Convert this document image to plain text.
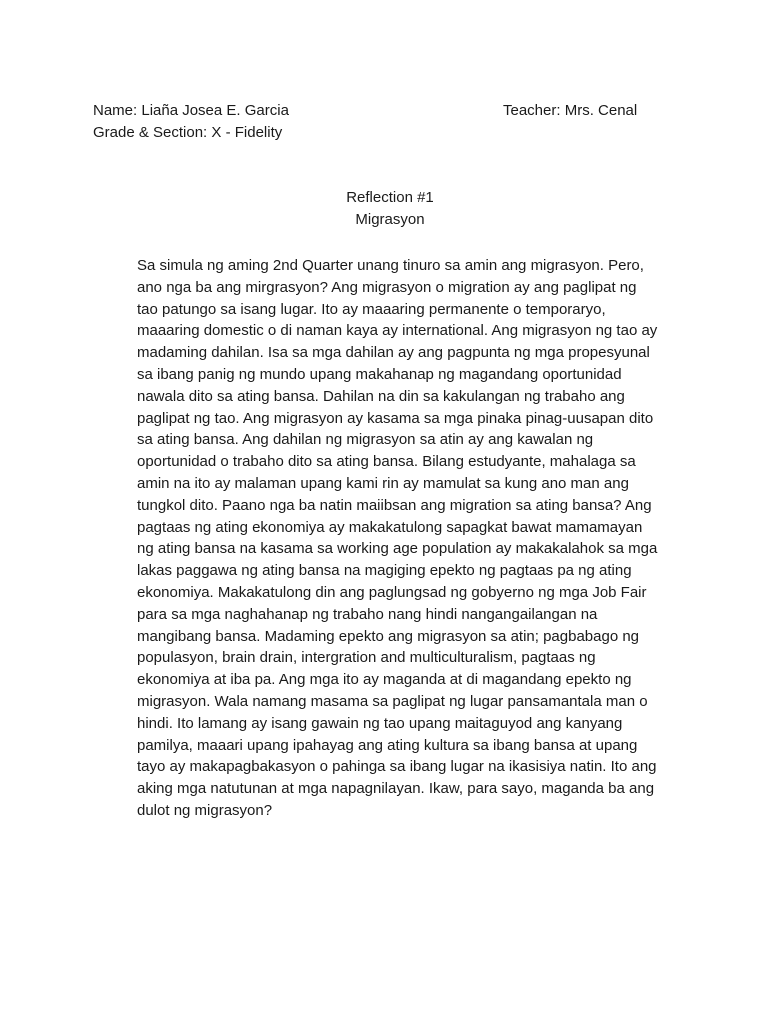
Name: Liaña Josea E. Garcia	Teacher: Mrs. Cenal
Grade & Section: X - Fidelity
Reflection #1
Migrasyon
Sa simula ng aming 2nd Quarter unang tinuro sa amin ang migrasyon. Pero,
ano nga ba ang mirgrasyon? Ang migrasyon o migration ay ang paglipat ng
tao patungo sa isang lugar. Ito ay maaaring permanente o temporaryo,
maaaring domestic o di naman kaya ay international. Ang migrasyon ng tao ay
madaming dahilan. Isa sa mga dahilan ay ang pagpunta ng mga propesyunal
sa ibang panig ng mundo upang makahanap ng magandang oportunidad
nawala dito sa ating bansa. Dahilan na din sa kakulangan ng trabaho ang
paglipat ng tao. Ang migrasyon ay kasama sa mga pinaka pinag-uusapan dito
sa ating bansa. Ang dahilan ng migrasyon sa atin ay ang kawalan ng
oportunidad o trabaho dito sa ating bansa. Bilang estudyante, mahalaga sa
amin na ito ay malaman upang kami rin ay mamulat sa kung ano man ang
tungkol dito. Paano nga ba natin maiibsan ang migration sa ating bansa? Ang
pagtaas ng ating ekonomiya ay makakatulong sapagkat bawat mamamayan
ng ating bansa na kasama sa working age population ay makakalahok sa mga
lakas paggawa ng ating bansa na magiging epekto ng pagtaas pa ng ating
ekonomiya. Makakatulong din ang paglungsad ng gobyerno ng mga Job Fair
para sa mga naghahanap ng trabaho nang hindi nangangailangan na
mangibang bansa. Madaming epekto ang migrasyon sa atin; pagbabago ng
populasyon, brain drain, intergration and multiculturalism, pagtaas ng
ekonomiya at iba pa. Ang mga ito ay maganda at di magandang epekto ng
migrasyon. Wala namang masama sa paglipat ng lugar pansamantala man o
hindi. Ito lamang ay isang gawain ng tao upang maitaguyod ang kanyang
pamilya, maaari upang ipahayag ang ating kultura sa ibang bansa at upang
tayo ay makapagbakasyon o pahinga sa ibang lugar na ikasisiya natin. Ito ang
aking mga natutunan at mga napagnilayan. Ikaw, para sayo, maganda ba ang
dulot ng migrasyon?
